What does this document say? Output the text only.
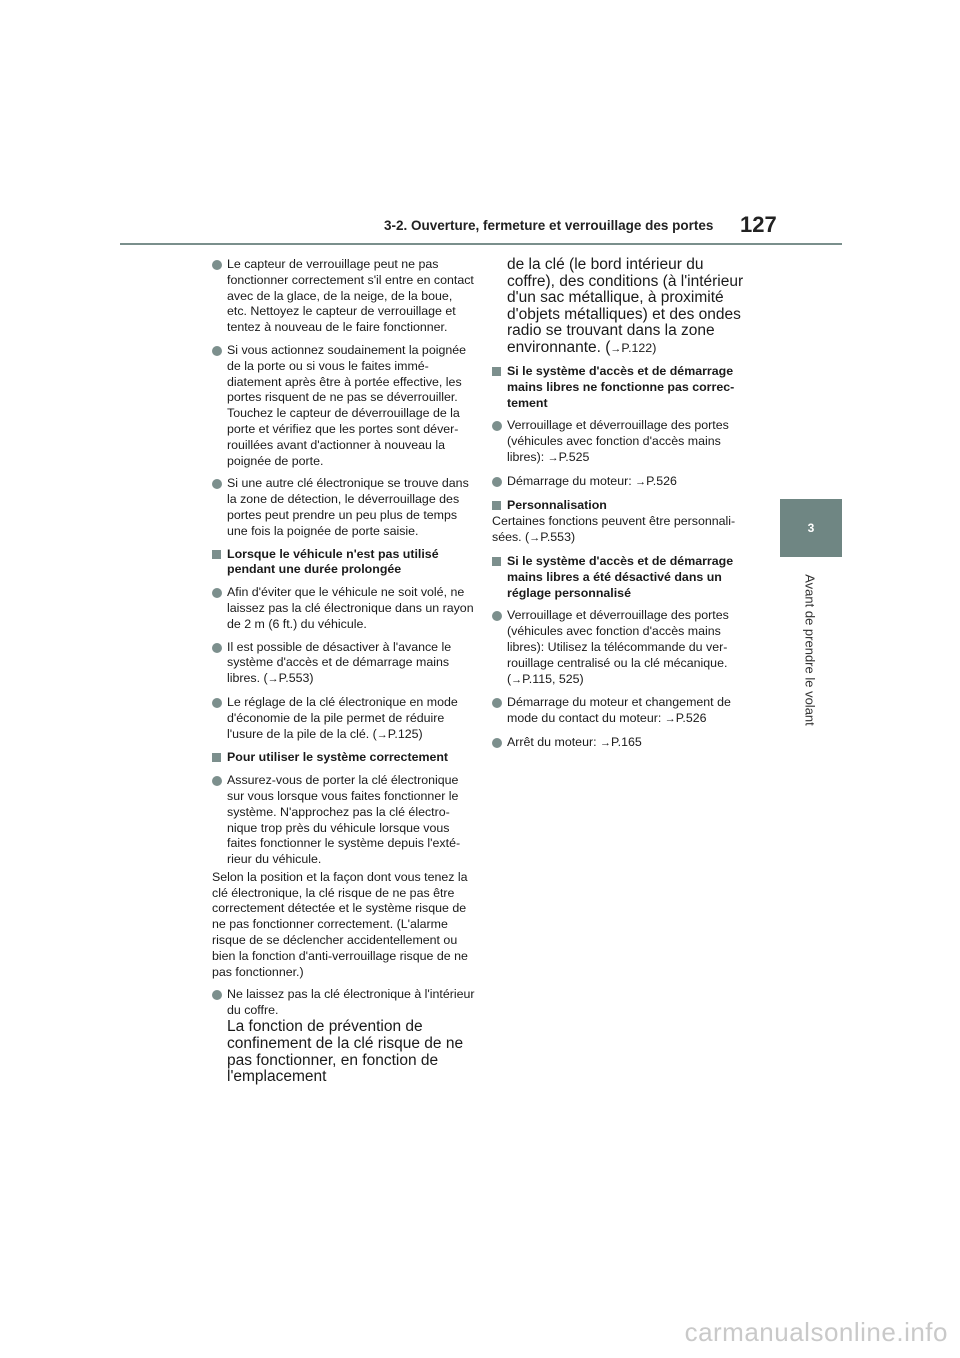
3-2. Ouverture, fermeture et verrouillage des portes 127
3
Avant de prendre le volant
Le capteur de verrouillage peut ne pas fonctionner correctement s'il entre en contact avec de la glace, de la neige, de la boue, etc. Nettoyez le capteur de verrouillage et tentez à nouveau de le faire fonctionner.
Si vous actionnez soudainement la poignée de la porte ou si vous le faites immédiatement après être à portée effective, les portes risquent de ne pas se déverrouiller. Touchez le capteur de déverrouillage de la porte et vérifiez que les portes sont déverrouillées avant d'actionner à nouveau la poignée de porte.
Si une autre clé électronique se trouve dans la zone de détection, le déverrouillage des portes peut prendre un peu plus de temps une fois la poignée de porte saisie.
Lorsque le véhicule n'est pas utilisé pendant une durée prolongée
Afin d'éviter que le véhicule ne soit volé, ne laissez pas la clé électronique dans un rayon de 2 m (6 ft.) du véhicule.
Il est possible de désactiver à l'avance le système d'accès et de démarrage mains libres. (→P.553)
Le réglage de la clé électronique en mode d'économie de la pile permet de réduire l'usure de la pile de la clé. (→P.125)
Pour utiliser le système correctement
Assurez-vous de porter la clé électronique sur vous lorsque vous faites fonctionner le système. N'approchez pas la clé électronique trop près du véhicule lorsque vous faites fonctionner le système depuis l'extérieur du véhicule.
Selon la position et la façon dont vous tenez la clé électronique, la clé risque de ne pas être correctement détectée et le système risque de ne pas fonctionner correctement. (L'alarme risque de se déclencher accidentellement ou bien la fonction d'anti-verrouillage risque de ne pas fonctionner.)
Ne laissez pas la clé électronique à l'intérieur du coffre.
La fonction de prévention de confinement de la clé risque de ne pas fonctionner, en fonction de l'emplacement
de la clé (le bord intérieur du coffre), des conditions (à l'intérieur d'un sac métallique, à proximité d'objets métalliques) et des ondes radio se trouvant dans la zone environnante. (→P.122)
Si le système d'accès et de démarrage mains libres ne fonctionne pas correctement
Verrouillage et déverrouillage des portes (véhicules avec fonction d'accès mains libres): →P.525
Démarrage du moteur: →P.526
Personnalisation
Certaines fonctions peuvent être personnalisées. (→P.553)
Si le système d'accès et de démarrage mains libres a été désactivé dans un réglage personnalisé
Verrouillage et déverrouillage des portes (véhicules avec fonction d'accès mains libres): Utilisez la télécommande du verrouillage centralisé ou la clé mécanique. (→P.115, 525)
Démarrage du moteur et changement de mode du contact du moteur: →P.526
Arrêt du moteur: →P.165
carmanualsonline.info
